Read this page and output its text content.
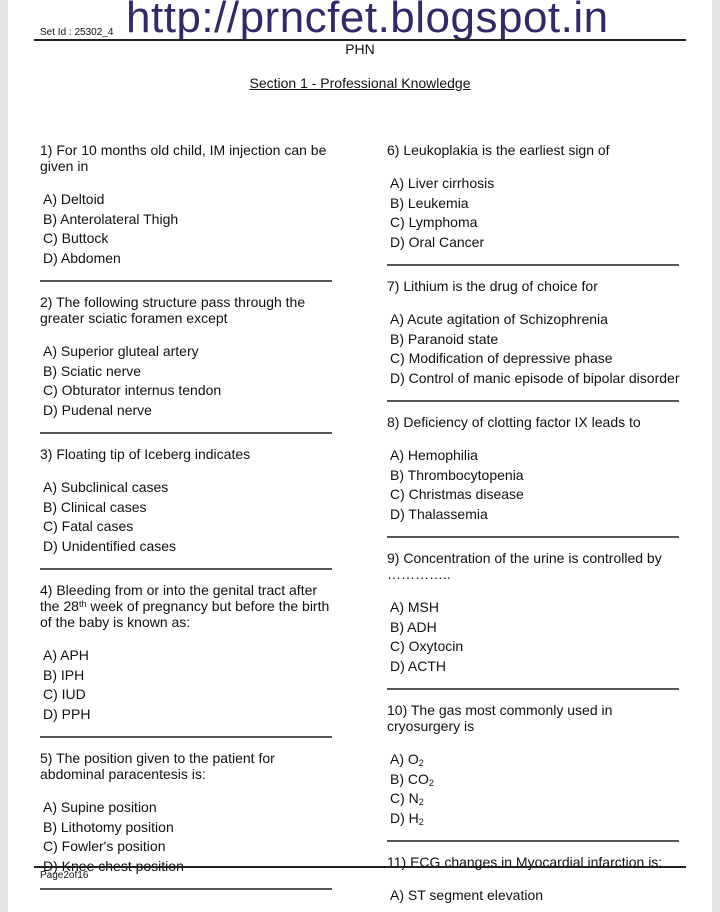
Set Id : 25302_4 http://prncfet.blogspot.in
PHN
Section 1 - Professional Knowledge
1) For 10 months old child, IM injection can be given in
A) Deltoid
B) Anterolateral Thigh
C) Buttock
D) Abdomen
2) The following structure pass through the greater sciatic foramen except
A) Superior gluteal artery
B) Sciatic nerve
C) Obturator internus tendon
D) Pudenal nerve
3) Floating tip of Iceberg indicates
A) Subclinical cases
B) Clinical cases
C) Fatal cases
D) Unidentified cases
4) Bleeding from or into the genital tract after the 28th week of pregnancy but before the birth of the baby is known as:
A) APH
B) IPH
C) IUD
D) PPH
5) The position given to the patient for abdominal paracentesis is:
A) Supine position
B) Lithotomy position
C) Fowler's position
D) Knee chest position
6) Leukoplakia is the earliest sign of
A) Liver cirrhosis
B) Leukemia
C) Lymphoma
D) Oral Cancer
7) Lithium is the drug of choice for
A) Acute agitation of Schizophrenia
B) Paranoid state
C) Modification of depressive phase
D) Control of manic episode of bipolar disorder
8) Deficiency of clotting factor IX leads to
A) Hemophilia
B) Thrombocytopenia
C) Christmas disease
D) Thalassemia
9) Concentration of the urine is controlled by …………..
A) MSH
B) ADH
C) Oxytocin
D) ACTH
10) The gas most commonly used in cryosurgery is
A) $O_2$
B) $CO_2$
C) $N_2$
D) $H_2$
11) ECG changes in Myocardial infarction is:
A) ST segment elevation
Page2of16
